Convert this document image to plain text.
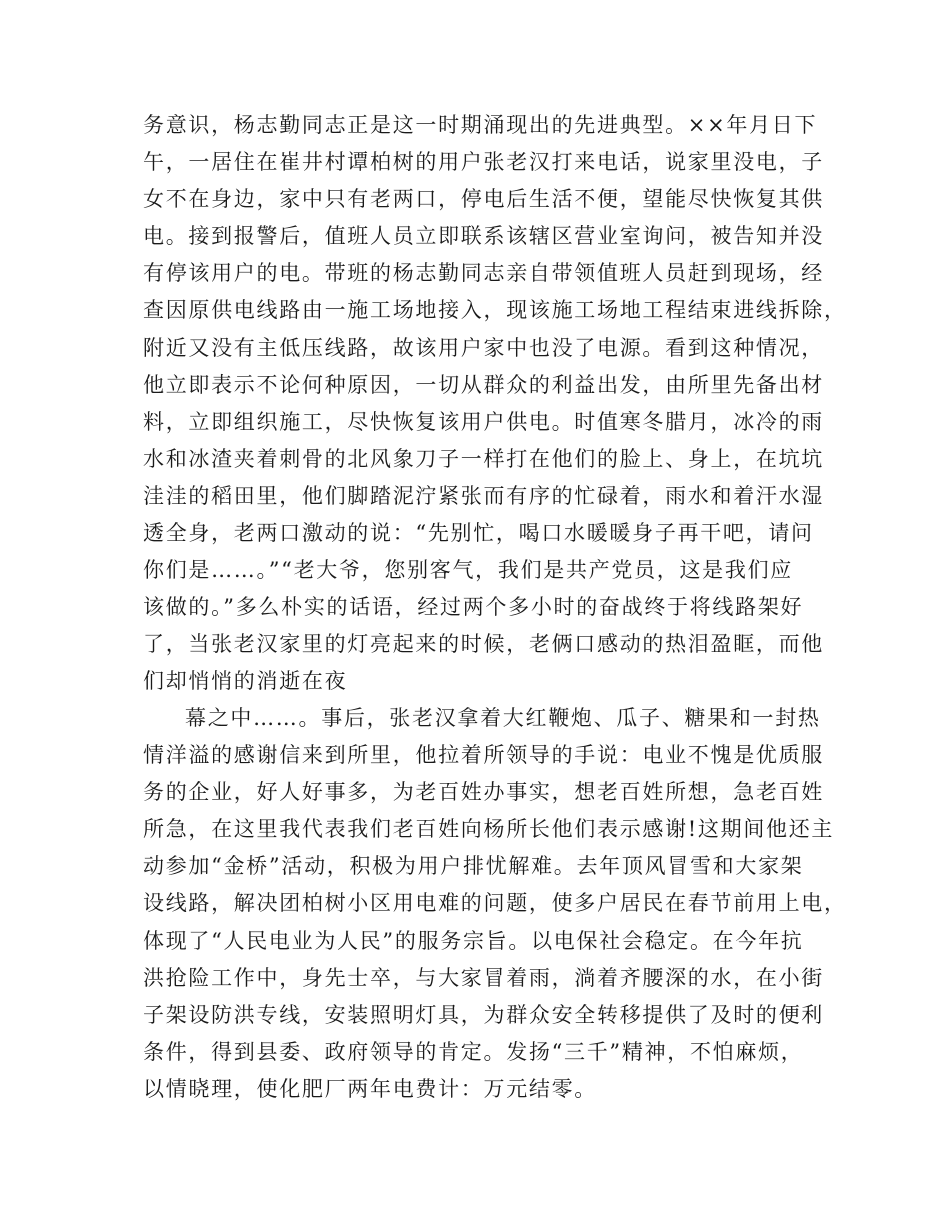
务意识，杨志勤同志正是这一时期涌现出的先进典型。××年月日下
午，一居住在崔井村谭柏树的用户张老汉打来电话，说家里没电，子
女不在身边，家中只有老两口，停电后生活不便，望能尽快恢复其供
电。接到报警后，值班人员立即联系该辖区营业室询问，被告知并没
有停该用户的电。带班的杨志勤同志亲自带领值班人员赶到现场，经
查因原供电线路由一施工场地接入，现该施工场地工程结束进线拆除，
附近又没有主低压线路，故该用户家中也没了电源。看到这种情况，
他立即表示不论何种原因，一切从群众的利益出发，由所里先备出材
料，立即组织施工，尽快恢复该用户供电。时值寒冬腊月，冰冷的雨
水和冰渣夹着刺骨的北风象刀子一样打在他们的脸上、身上，在坑坑
洼洼的稻田里，他们脚踏泥泞紧张而有序的忙碌着，雨水和着汗水湿
透全身，老两口激动的说：“先别忙，喝口水暖暖身子再干吧，请问
你们是……。”“老大爷，您别客气，我们是共产党员，这是我们应
该做的。”多么朴实的话语，经过两个多小时的奋战终于将线路架好
了，当张老汉家里的灯亮起来的时候，老俩口感动的热泪盈眶，而他
们却悄悄的消逝在夜
幕之中……。事后，张老汉拿着大红鞭炮、瓜子、糖果和一封热
情洋溢的感谢信来到所里，他拉着所领导的手说：电业不愧是优质服
务的企业，好人好事多，为老百姓办事实，想老百姓所想，急老百姓
所急，在这里我代表我们老百姓向杨所长他们表示感谢!这期间他还主
动参加“金桥”活动，积极为用户排忧解难。去年顶风冒雪和大家架
设线路，解决团柏树小区用电难的问题，使多户居民在春节前用上电，
体现了“人民电业为人民”的服务宗旨。以电保社会稳定。在今年抗
洪抢险工作中，身先士卒，与大家冒着雨，淌着齐腰深的水，在小街
子架设防洪专线，安装照明灯具，为群众安全转移提供了及时的便利
条件，得到县委、政府领导的肯定。发扬“三千”精神，不怕麻烦，
以情晓理，使化肥厂两年电费计：万元结零。
